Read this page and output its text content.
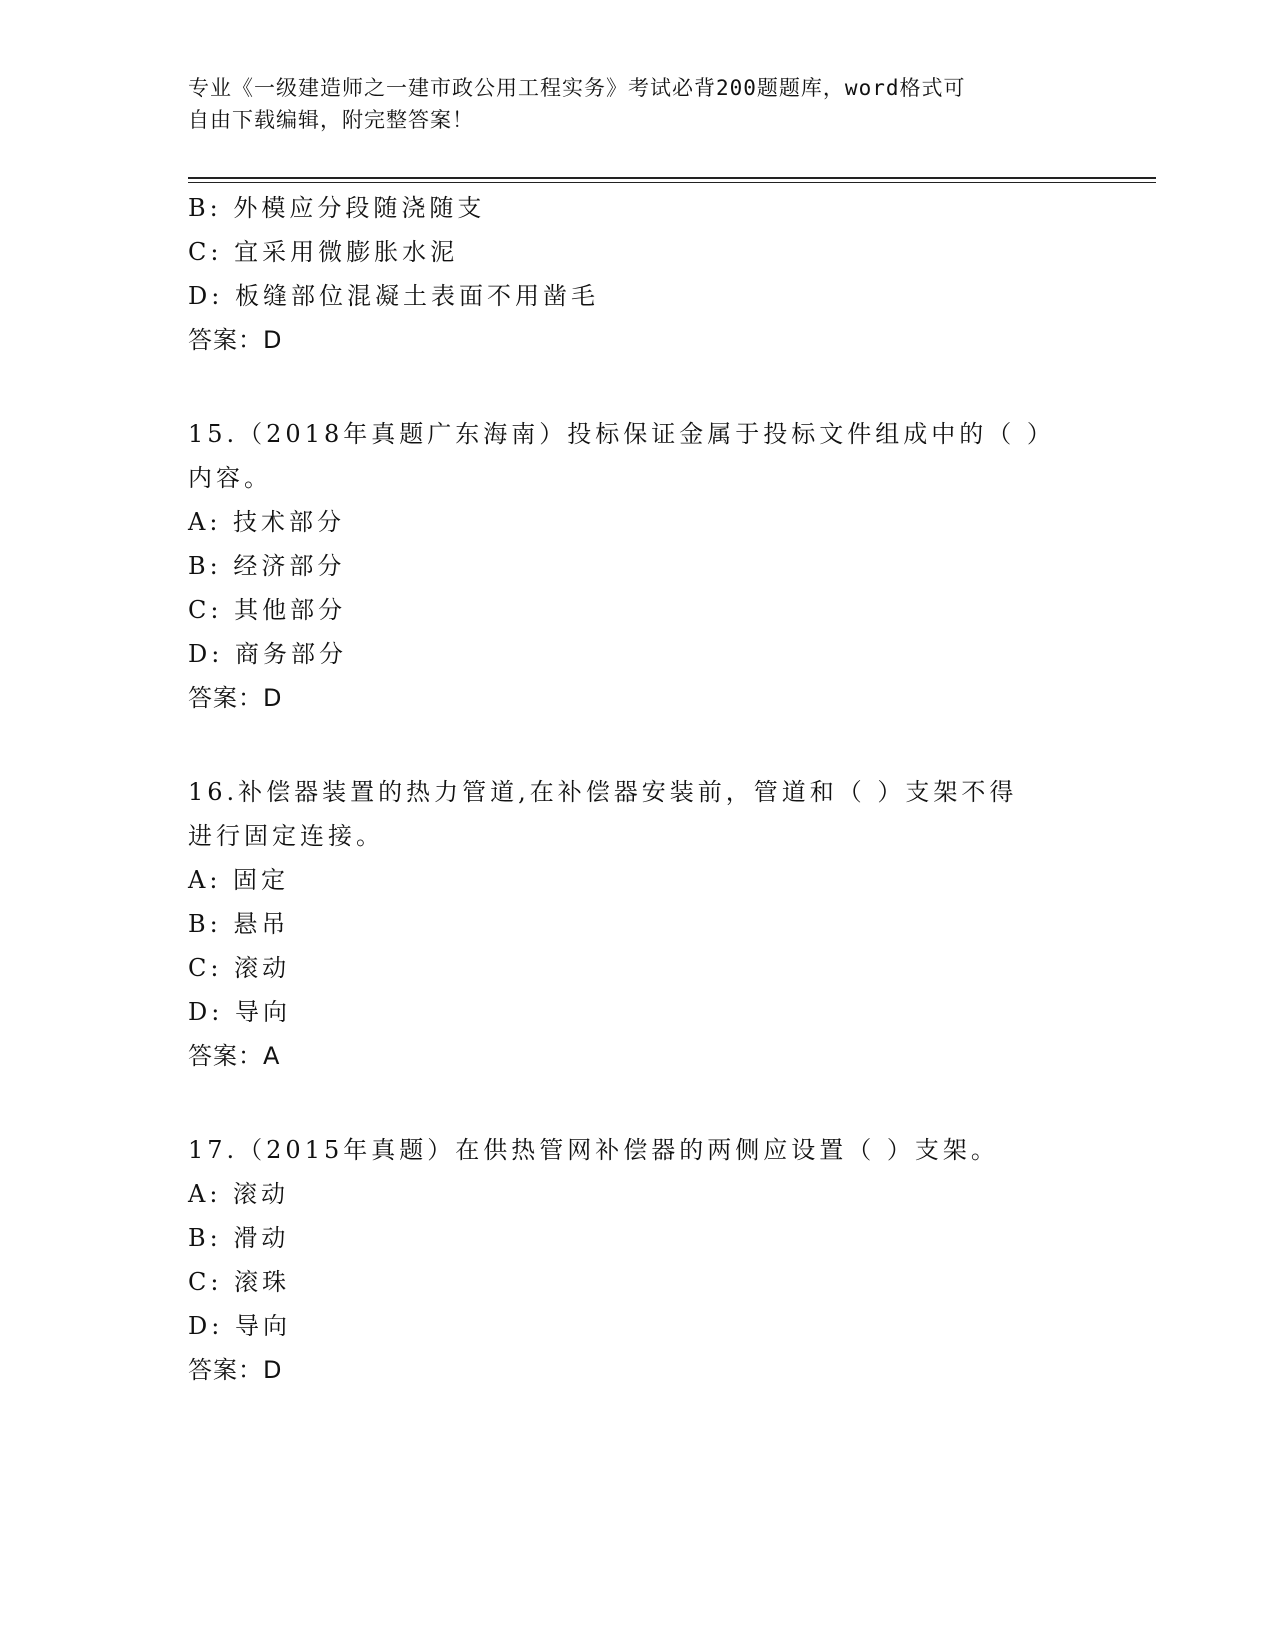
专业《一级建造师之一建市政公用工程实务》考试必背200题题库，word格式可
自由下载编辑，附完整答案！
B: 外模应分段随浇随支
C: 宜采用微膨胀水泥
D: 板缝部位混凝土表面不用凿毛
答案：D
15.（2018年真题广东海南）投标保证金属于投标文件组成中的（ ）
内容。
A: 技术部分
B: 经济部分
C: 其他部分
D: 商务部分
答案：D
16.补偿器装置的热力管道,在补偿器安装前，管道和（ ）支架不得
进行固定连接。
A: 固定
B: 悬吊
C: 滚动
D: 导向
答案：A
17.（2015年真题）在供热管网补偿器的两侧应设置（ ）支架。
A: 滚动
B: 滑动
C: 滚珠
D: 导向
答案：D
